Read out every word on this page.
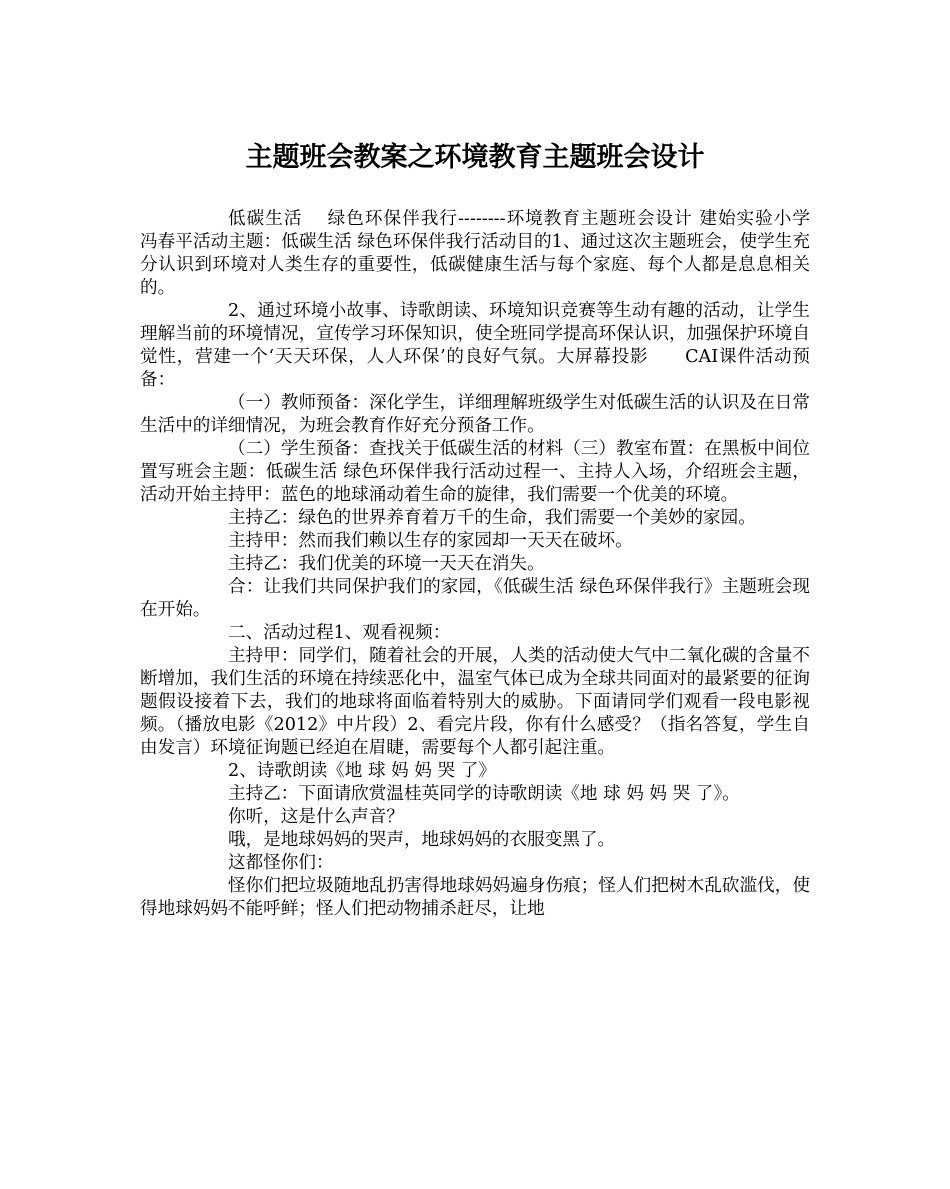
主题班会教案之环境教育主题班会设计

低碳生活　 绿色环保伴我行--------环境教育主题班会设计 建始实验小学　　　冯春平活动主题：低碳生活 绿色环保伴我行活动目的1、通过这次主题班会，使学生充分认识到环境对人类生存的重要性，低碳健康生活与每个家庭、每个人都是息息相关的。

2、通过环境小故事、诗歌朗读、环境知识竞赛等生动有趣的活动，让学生理解当前的环境情况，宣传学习环保知识，使全班同学提高环保认识，加强保护环境自觉性，营建一个‘天天环保，人人环保’的良好气氛。大屏幕投影　　CAI课件活动预备：

（一）教师预备：深化学生，详细理解班级学生对低碳生活的认识及在日常生活中的详细情况，为班会教育作好充分预备工作。

（二）学生预备：查找关于低碳生活的材料（三）教室布置：在黑板中间位置写班会主题：低碳生活 绿色环保伴我行活动过程一、主持人入场，介绍班会主题，活动开始主持甲：蓝色的地球涌动着生命的旋律，我们需要一个优美的环境。

主持乙：绿色的世界养育着万千的生命，我们需要一个美妙的家园。

主持甲：然而我们赖以生存的家园却一天天在破坏。

主持乙：我们优美的环境一天天在消失。

合：让我们共同保护我们的家园，《低碳生活 绿色环保伴我行》主题班会现在开始。

二、活动过程1、观看视频：

主持甲：同学们，随着社会的开展，人类的活动使大气中二氧化碳的含量不断增加，我们生活的环境在持续恶化中，温室气体已成为全球共同面对的最紧要的征询题假设接着下去，我们的地球将面临着特别大的威胁。下面请同学们观看一段电影视频。（播放电影《2012》中片段）2、看完片段，你有什么感受？（指名答复，学生自由发言）环境征询题已经迫在眉睫，需要每个人都引起注重。

2、诗歌朗读《地 球 妈 妈 哭 了》

主持乙：下面请欣赏温桂英同学的诗歌朗读《地 球 妈 妈 哭 了》。

你听，这是什么声音？

哦，是地球妈妈的哭声，地球妈妈的衣服变黑了。

这都怪你们：

怪你们把垃圾随地乱扔害得地球妈妈遍身伤痕；怪人们把树木乱砍滥伐，使得地球妈妈不能呼鲜；怪人们把动物捕杀赶尽，让地
